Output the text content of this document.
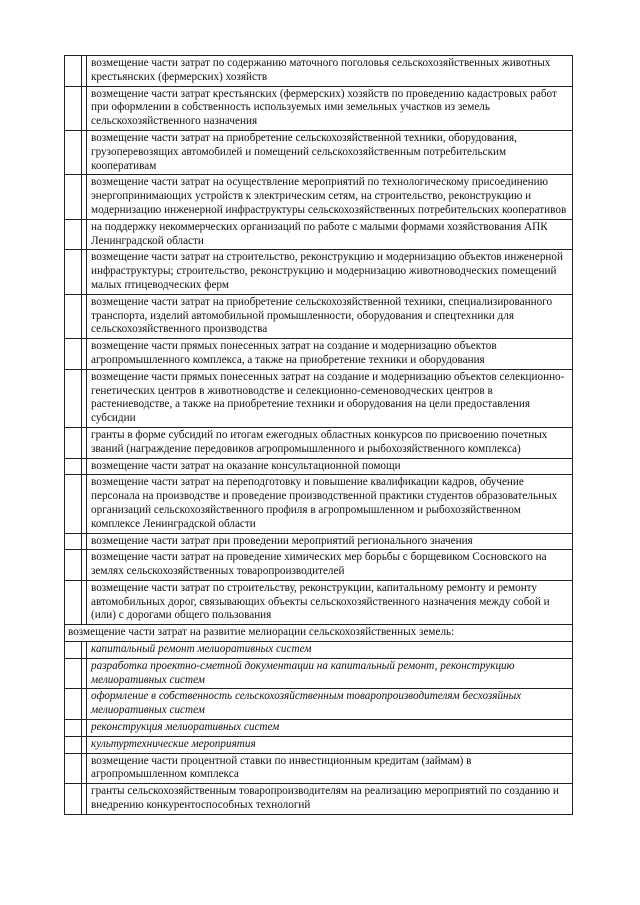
		возмещение части затрат по содержанию маточного поголовья сельскохозяйственных животных крестьянских (фермерских) хозяйств
		возмещение части затрат крестьянских (фермерских) хозяйств по проведению кадастровых работ при оформлении в собственность используемых ими земельных участков из земель сельскохозяйственного назначения
		возмещение части затрат на приобретение сельскохозяйственной техники, оборудования, грузоперевозящих автомобилей и помещений сельскохозяйственным потребительским кооперативам
		возмещение части затрат на осуществление мероприятий по технологическому присоединению энергопринимающих устройств к электрическим сетям, на строительство, реконструкцию и модернизацию инженерной инфраструктуры сельскохозяйственных потребительских кооперативов
		на поддержку некоммерческих организаций по работе с малыми формами хозяйствования АПК Ленинградской области
		возмещение части затрат на строительство, реконструкцию и модернизацию объектов инженерной инфраструктуры; строительство, реконструкцию и модернизацию животноводческих помещений малых птицеводческих ферм
		возмещение части затрат на приобретение сельскохозяйственной техники, специализированного транспорта, изделий автомобильной промышленности, оборудования и спецтехники для сельскохозяйственного производства
		возмещение части прямых понесенных затрат на создание и модернизацию объектов агропромышленного комплекса, а также на приобретение техники и оборудования
		возмещение части прямых понесенных затрат на создание и модернизацию объектов селекционно-генетических центров в животноводстве и селекционно-семеноводческих центров в растениеводстве, а также на приобретение техники и оборудования на цели предоставления субсидии
		гранты в форме субсидий по итогам ежегодных областных конкурсов по присвоению почетных званий (награждение передовиков агропромышленного и рыбохозяйственного комплекса)
		возмещение части затрат на оказание консультационной помощи
		возмещение части затрат на переподготовку и повышение квалификации кадров, обучение персонала на производстве и проведение производственной практики студентов образовательных организаций сельскохозяйственного профиля в агропромышленном и рыбохозяйственном комплексе Ленинградской области
		возмещение части затрат при проведении мероприятий регионального значения
		возмещение части затрат на проведение химических мер борьбы с борщевиком Сосновского на землях сельскохозяйственных товаропроизводителей
		возмещение части затрат по строительству, реконструкции, капитальному ремонту и ремонту автомобильных дорог, связывающих объекты сельскохозяйственного назначения между собой и (или) с дорогами общего пользования
возмещение части затрат на развитие мелиорации сельскохозяйственных земель:		
		капитальный ремонт мелиоративных систем
		разработка проектно-сметной документации на капитальный ремонт, реконструкцию мелиоративных систем
		оформление в собственность сельскохозяйственным товаропроизводителям бесхозяйных мелиоративных систем
		реконструкция мелиоративных систем
		культуртехнические мероприятия
		возмещение части процентной ставки по инвестиционным кредитам (займам) в агропромышленном комплекса
		гранты сельскохозяйственным товаропроизводителям на реализацию мероприятий по созданию и внедрению конкурентоспособных технологий
